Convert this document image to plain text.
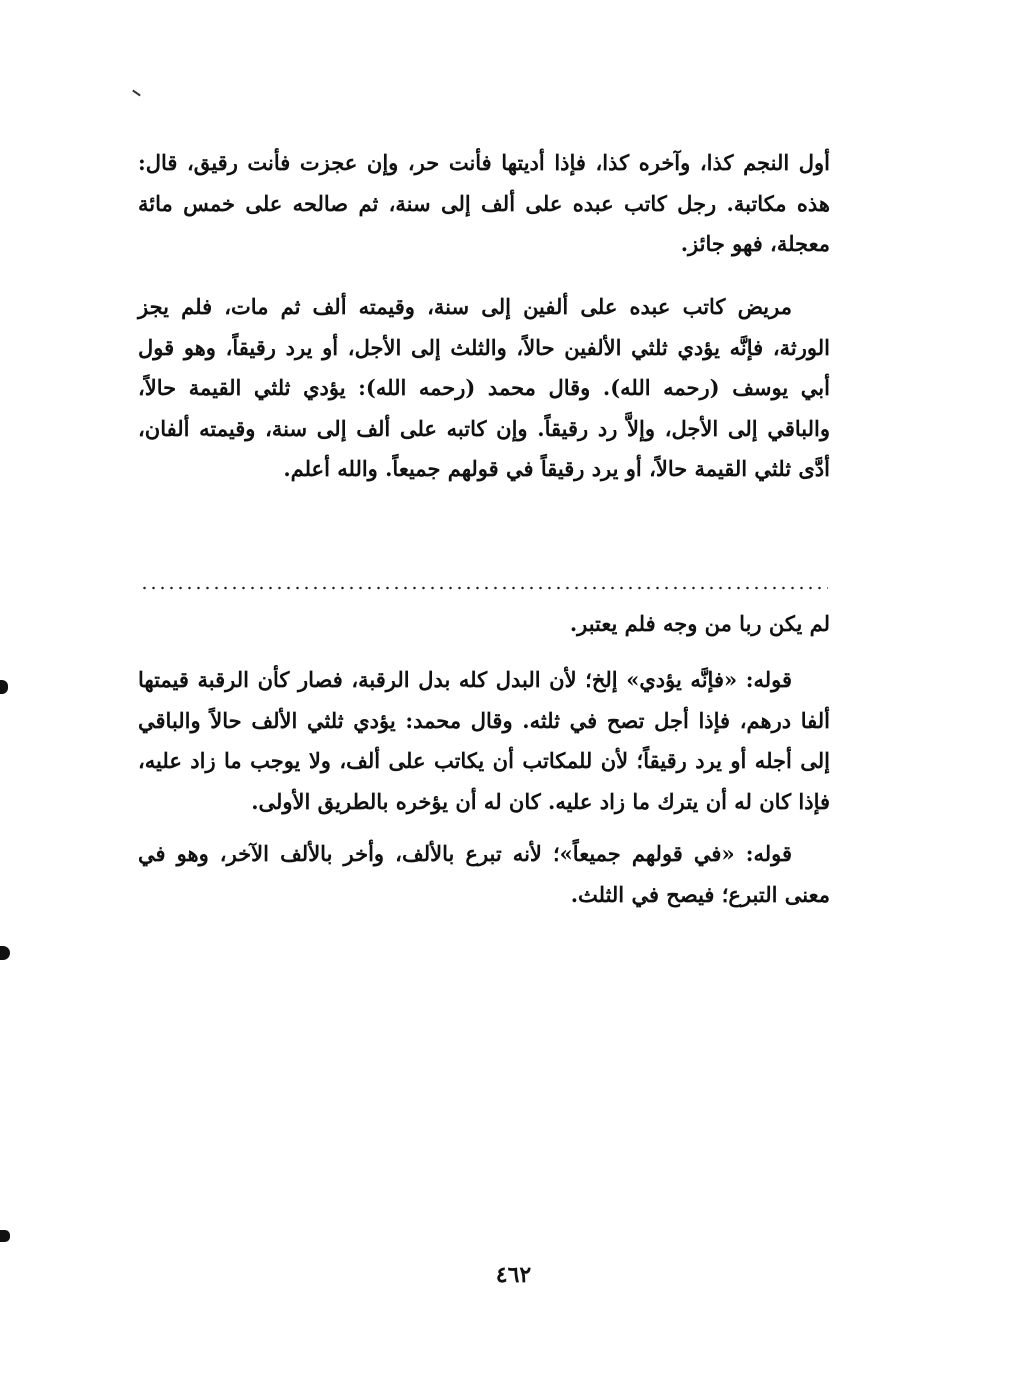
أول النجم كذا، وآخره كذا، فإذا أديتها فأنت حر، وإن عجزت فأنت رقيق، قال: هذه مكاتبة. رجل كاتب عبده على ألف إلى سنة، ثم صالحه على خمس مائة معجلة، فهو جائز.

مريض كاتب عبده على ألفين إلى سنة، وقيمته ألف ثم مات، فلم يجز الورثة، فإنَّه يؤدي ثلثي الألفين حالاً، والثلث إلى الأجل، أو يرد رقيقاً، وهو قول أبي يوسف (رحمه الله). وقال محمد (رحمه الله): يؤدي ثلثي القيمة حالاً، والباقي إلى الأجل، وإلاَّ رد رقيقاً. وإن كاتبه على ألف إلى سنة، وقيمته ألفان، أدَّى ثلثي القيمة حالاً، أو يرد رقيقاً في قولهم جميعاً. والله أعلم.

لم يكن ربا من وجه فلم يعتبر.

قوله: «فإنَّه يؤدي» إلخ؛ لأن البدل كله بدل الرقبة، فصار كأن الرقبة قيمتها ألفا درهم، فإذا أجل تصح في ثلثه. وقال محمد: يؤدي ثلثي الألف حالاً والباقي إلى أجله أو يرد رقيقاً؛ لأن للمكاتب أن يكاتب على ألف، ولا يوجب ما زاد عليه، فإذا كان له أن يترك ما زاد عليه. كان له أن يؤخره بالطريق الأولى.

قوله: «في قولهم جميعاً»؛ لأنه تبرع بالألف، وأخر بالألف الآخر، وهو في معنى التبرع؛ فيصح في الثلث.

٤٦٢
